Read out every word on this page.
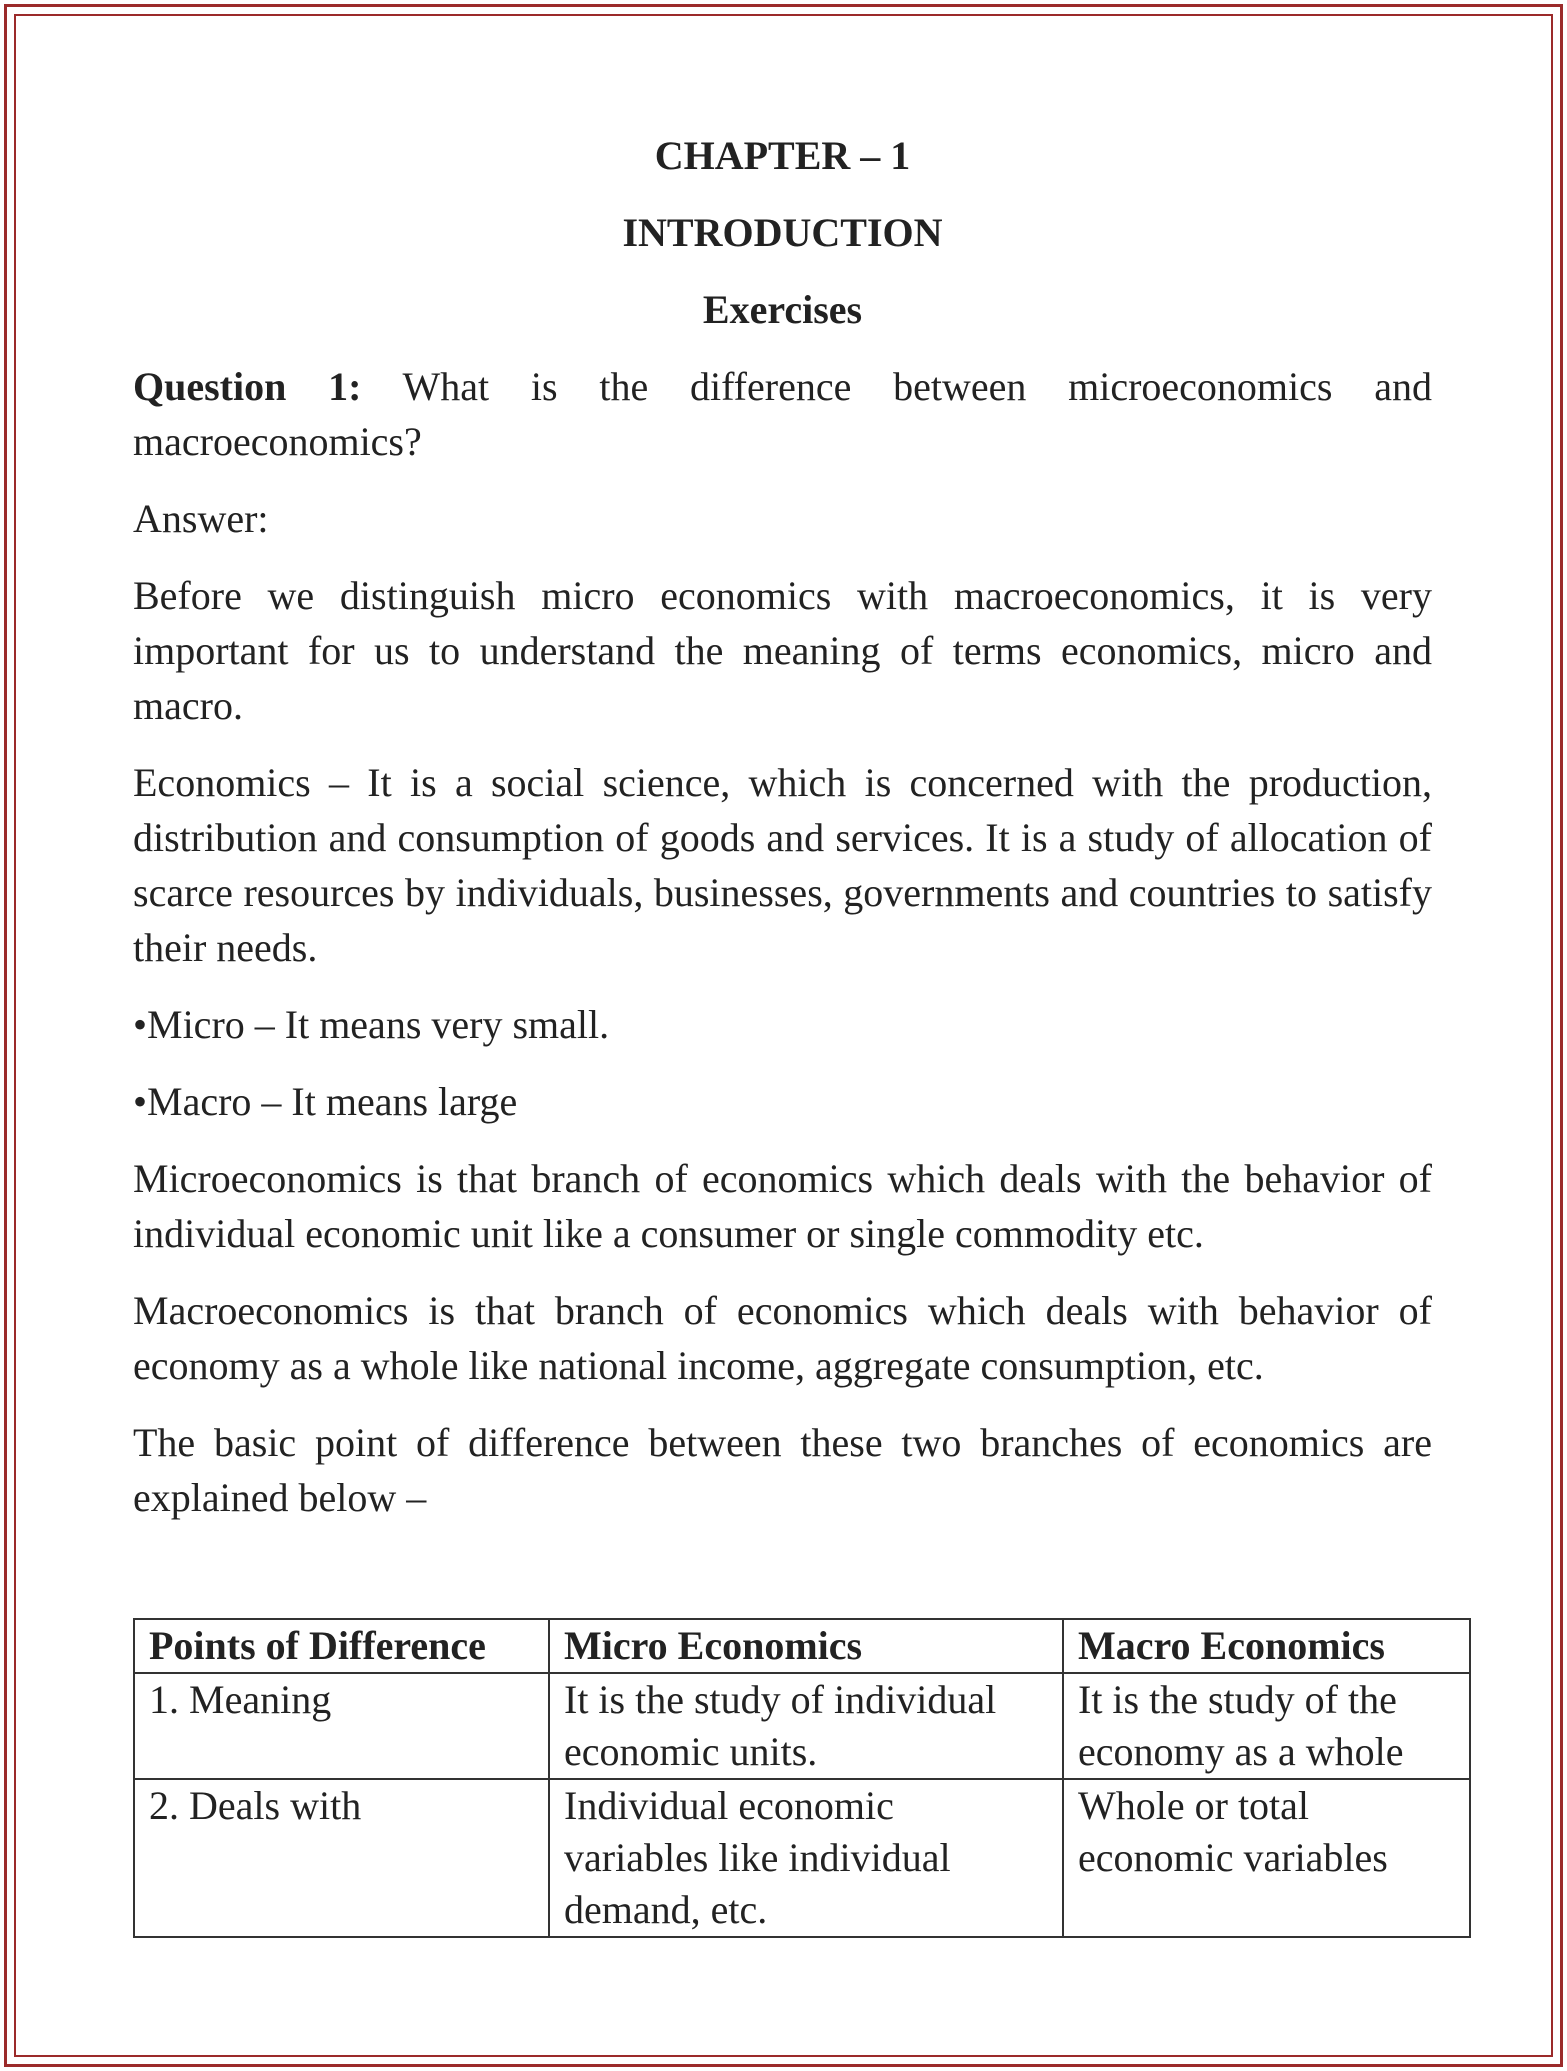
CHAPTER – 1
INTRODUCTION
Exercises

Question 1: What is the difference between microeconomics and macroeconomics?

Answer:

Before we distinguish micro economics with macroeconomics, it is very important for us to understand the meaning of terms economics, micro and macro.

Economics – It is a social science, which is concerned with the production, distribution and consumption of goods and services. It is a study of allocation of scarce resources by individuals, businesses, governments and countries to satisfy their needs.

•Micro – It means very small.

•Macro – It means large

Microeconomics is that branch of economics which deals with the behavior of individual economic unit like a consumer or single commodity etc.

Macroeconomics is that branch of economics which deals with behavior of economy as a whole like national income, aggregate consumption, etc.

The basic point of difference between these two branches of economics are explained below –

Points of Difference	Micro Economics	Macro Economics
1. Meaning	It is the study of individual economic units.	It is the study of the economy as a whole
2. Deals with	Individual economic variables like individual demand, etc.	Whole or total economic variables
